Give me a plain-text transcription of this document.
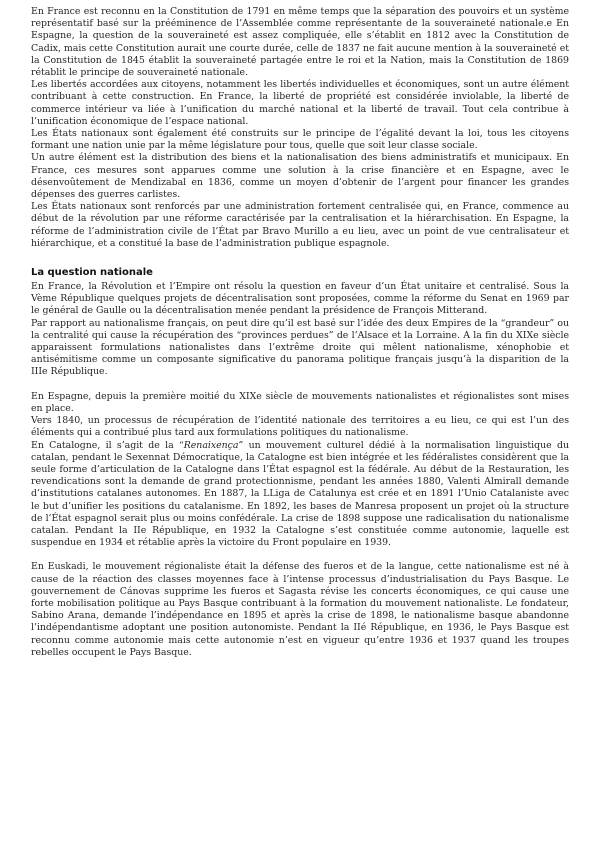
En France est reconnu en la Constitution de 1791 en même temps que la séparation des pouvoirs et un système représentatif basé sur la prééminence de l’Assemblée comme représentante de la souveraineté nationale.e En Espagne, la question de la souveraineté est assez compliquée, elle s’établit en 1812 avec la Constitution de Cadix, mais cette Constitution aurait une courte durée, celle de 1837 ne fait aucune mention à la souveraineté et la Constitution de 1845 établit la souveraineté partagée entre le roi et la Nation, mais la Constitution de 1869 rétablit le principe de souveraineté nationale.

Les libertés accordées aux citoyens, notamment les libertés individuelles et économiques, sont un autre élément contribuant à cette construction. En France, la liberté de propriété est considérée inviolable, la liberté de commerce intérieur va liée à l’unification du marché national et la liberté de travail. Tout cela contribue à l’unification économique de l’espace national.

Les États nationaux sont également été construits sur le principe de l’égalité devant la loi, tous les citoyens formant une nation unie par la même législature pour tous, quelle que soit leur classe sociale.

Un autre élément est la distribution des biens et la nationalisation des biens administratifs et municipaux. En France, ces mesures sont apparues comme une solution à la crise financière et en Espagne, avec le désenvoûtement de Mendizabal en 1836, comme un moyen d’obtenir de l’argent pour financer les grandes dépenses des guerres carlistes.

Les États nationaux sont renforcés par une administration fortement centralisée qui, en France, commence au début de la révolution par une réforme caractérisée par la centralisation et la hiérarchisation. En Espagne, la réforme de l’administration civile de l’État par Bravo Murillo a eu lieu, avec un point de vue centralisateur et hiérarchique, et a constitué la base de l’administration publique espagnole.

La question nationale

En France, la Révolution et l’Empire ont résolu la question en faveur d’un État unitaire et centralisé. Sous la Vème République quelques projets de décentralisation sont proposées, comme la réforme du Senat en 1969 par le général de Gaulle ou la décentralisation menée pendant la présidence de François Mitterand.

Par rapport au nationalisme français, on peut dire qu’il est basé sur l’idée des deux Empires de la “grandeur” ou la centralité qui cause la récupération des “provinces perdues” de l’Alsace et la Lorraine. A la fin du XIXe siècle apparaissent formulations nationalistes dans l’extrême droite qui mêlent nationalisme, xénophobie et antisémitisme comme un composante significative du panorama politique français jusqu’à la disparition de la IIIe République.

En Espagne, depuis la première moitié du XIXe siècle de mouvements nationalistes et régionalistes sont mises en place.

Vers 1840, un processus de récupération de l’identité nationale des territoires a eu lieu, ce qui est l’un des éléments qui a contribué plus tard aux formulations politiques du nationalisme.

En Catalogne, il s’agit de la “Renaixença” un mouvement culturel dédié à la normalisation linguistique du catalan, pendant le Sexennat Démocratique, la Catalogne est bien intégrée et les fédéralistes considèrent que la seule forme d’articulation de la Catalogne dans l’État espagnol est la fédérale. Au début de la Restauration, les revendications sont la demande de grand protectionnisme, pendant les années 1880, Valenti Almirall demande d’institutions catalanes autonomes. En 1887, la LLiga de Catalunya est crée et en 1891 l’Unio Catalaniste avec le but d’unifier les positions du catalanisme. En 1892, les bases de Manresa proposent un projet où la structure de l’État espagnol serait plus ou moins confédérale. La crise de 1898 suppose une radicalisation du nationalisme catalan. Pendant la IIe République, en 1932 la Catalogne s’est constituée comme autonomie, laquelle est suspendue en 1934 et rétablie après la victoire du Front populaire en 1939.

En Euskadi, le mouvement régionaliste était la défense des fueros et de la langue, cette nationalisme est né à cause de la réaction des classes moyennes face à l’intense processus d’industrialisation du Pays Basque. Le gouvernement de Cánovas supprime les fueros et Sagasta révise les concerts économiques, ce qui cause une forte mobilisation politique au Pays Basque contribuant à la formation du mouvement nationaliste. Le fondateur, Sabino Arana, demande l’indépendance en 1895 et après la crise de 1898, le nationalisme basque abandonne l’indépendantisme adoptant une position autonomiste. Pendant la IIé République, en 1936, le Pays Basque est reconnu comme autonomie mais cette autonomie n’est en vigueur qu’entre 1936 et 1937 quand les troupes rebelles occupent le Pays Basque.
